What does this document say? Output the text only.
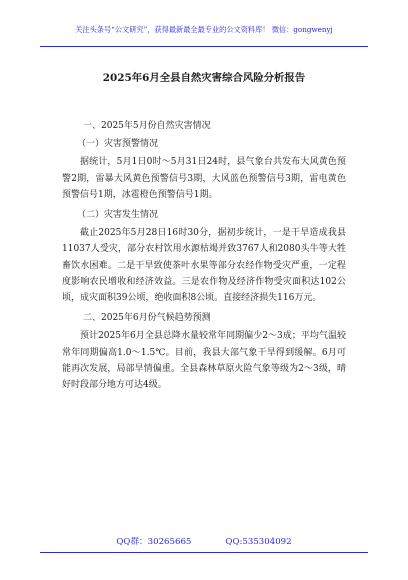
关注头条号“公文研究”，获得最新最全最专业的公文资料库！ 微信：gongwenyj
2025年6月全县自然灾害综合风险分析报告

一、2025年5月份自然灾害情况

（一）灾害预警情况

据统计，5月1日0时～5月31日24时，县气象台共发布大风黄色预警2期，雷暴大风黄色预警信号3期，大风蓝色预警信号3期，雷电黄色预警信号1期，冰雹橙色预警信号1期。

（二）灾害发生情况

截止2025年5月28日16时30分，据初步统计，一是干旱造成我县11037人受灾，部分农村饮用水源枯竭并致3767人和2080头牛等大牲畜饮水困难。二是干旱致使茶叶水果等部分农经作物受灾严重，一定程度影响农民增收和经济效益。三是农作物及经济作物受灾面积达102公顷，成灾面积39公顷，绝收面积8公顷。直接经济损失116万元。

二、2025年6月份气候趋势预测

预计2025年6月全县总降水量较常年同期偏少2～3成；平均气温较常年同期偏高1.0～1.5℃。目前，我县大部气象干旱得到缓解。6月可能再次发展，局部旱情偏重。全县森林草原火险气象等级为2～3级，晴好时段部分地方可达4级。

QQ群：30265665	QQ:535304092
